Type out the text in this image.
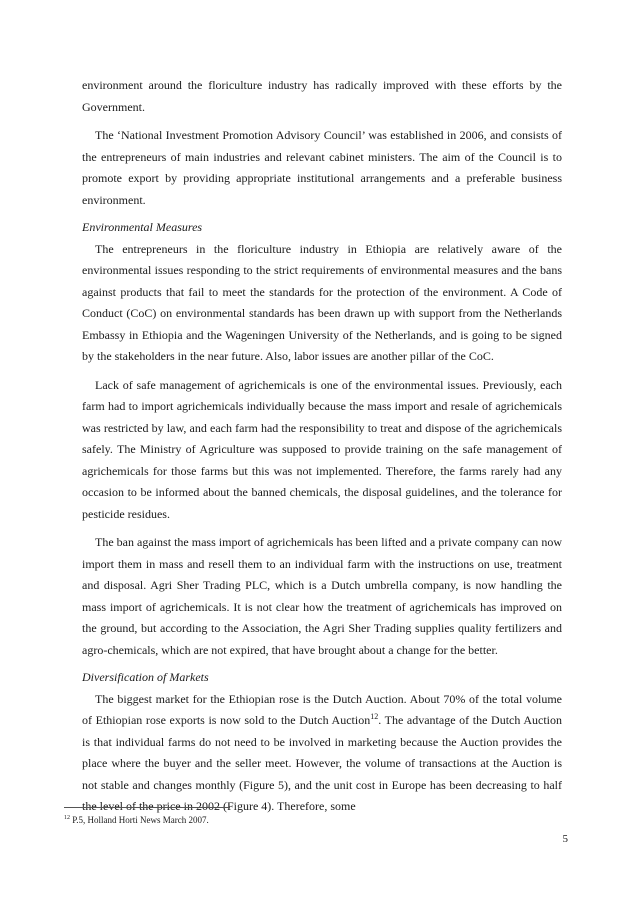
environment around the floriculture industry has radically improved with these efforts by the Government.

The ‘National Investment Promotion Advisory Council’ was established in 2006, and consists of the entrepreneurs of main industries and relevant cabinet ministers. The aim of the Council is to promote export by providing appropriate institutional arrangements and a preferable business environment.

Environmental Measures

The entrepreneurs in the floriculture industry in Ethiopia are relatively aware of the environmental issues responding to the strict requirements of environmental measures and the bans against products that fail to meet the standards for the protection of the environment. A Code of Conduct (CoC) on environmental standards has been drawn up with support from the Netherlands Embassy in Ethiopia and the Wageningen University of the Netherlands, and is going to be signed by the stakeholders in the near future. Also, labor issues are another pillar of the CoC.

Lack of safe management of agrichemicals is one of the environmental issues. Previously, each farm had to import agrichemicals individually because the mass import and resale of agrichemicals was restricted by law, and each farm had the responsibility to treat and dispose of the agrichemicals safely. The Ministry of Agriculture was supposed to provide training on the safe management of agrichemicals for those farms but this was not implemented. Therefore, the farms rarely had any occasion to be informed about the banned chemicals, the disposal guidelines, and the tolerance for pesticide residues.

The ban against the mass import of agrichemicals has been lifted and a private company can now import them in mass and resell them to an individual farm with the instructions on use, treatment and disposal. Agri Sher Trading PLC, which is a Dutch umbrella company, is now handling the mass import of agrichemicals. It is not clear how the treatment of agrichemicals has improved on the ground, but according to the Association, the Agri Sher Trading supplies quality fertilizers and agro-chemicals, which are not expired, that have brought about a change for the better.

Diversification of Markets

The biggest market for the Ethiopian rose is the Dutch Auction. About 70% of the total volume of Ethiopian rose exports is now sold to the Dutch Auction$^{12}$. The advantage of the Dutch Auction is that individual farms do not need to be involved in marketing because the Auction provides the place where the buyer and the seller meet. However, the volume of transactions at the Auction is not stable and changes monthly (Figure 5), and the unit cost in Europe has been decreasing to half the level of the price in 2002 (Figure 4). Therefore, some

$^{12}$ P.5, Holland Horti News March 2007.
5
